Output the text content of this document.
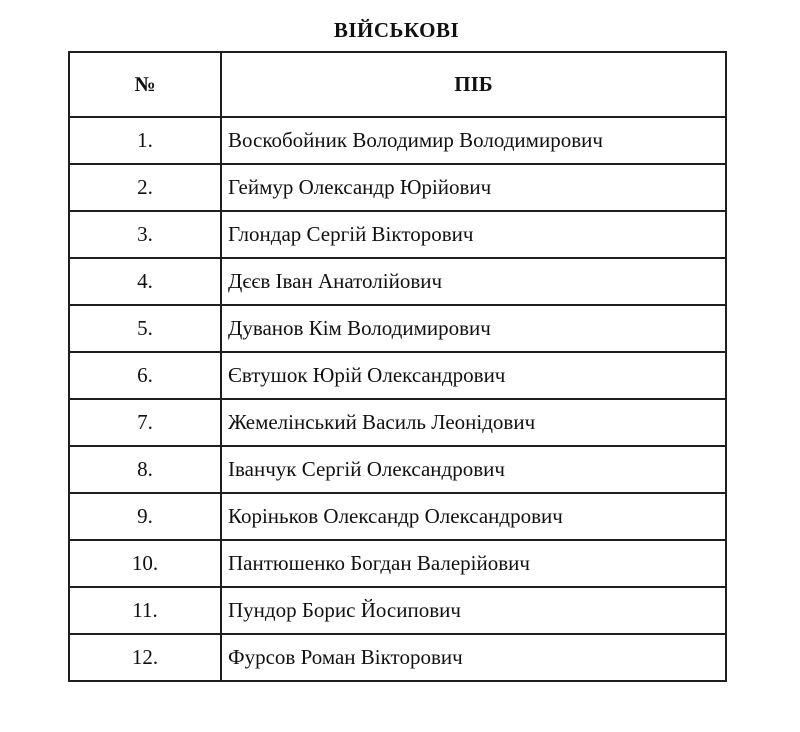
ВІЙСЬКОВІ
№	ПІБ
1.	Воскобойник Володимир Володимирович
2.	Геймур Олександр Юрійович
3.	Глондар Сергій Вікторович
4.	Дєєв Іван Анатолійович
5.	Дуванов Кім Володимирович
6.	Євтушок Юрій Олександрович
7.	Жемелінський Василь Леонідович
8.	Іванчук Сергій Олександрович
9.	Коріньков Олександр Олександрович
10.	Пантюшенко Богдан Валерійович
11.	Пундор Борис Йосипович
12.	Фурсов Роман Вікторович
